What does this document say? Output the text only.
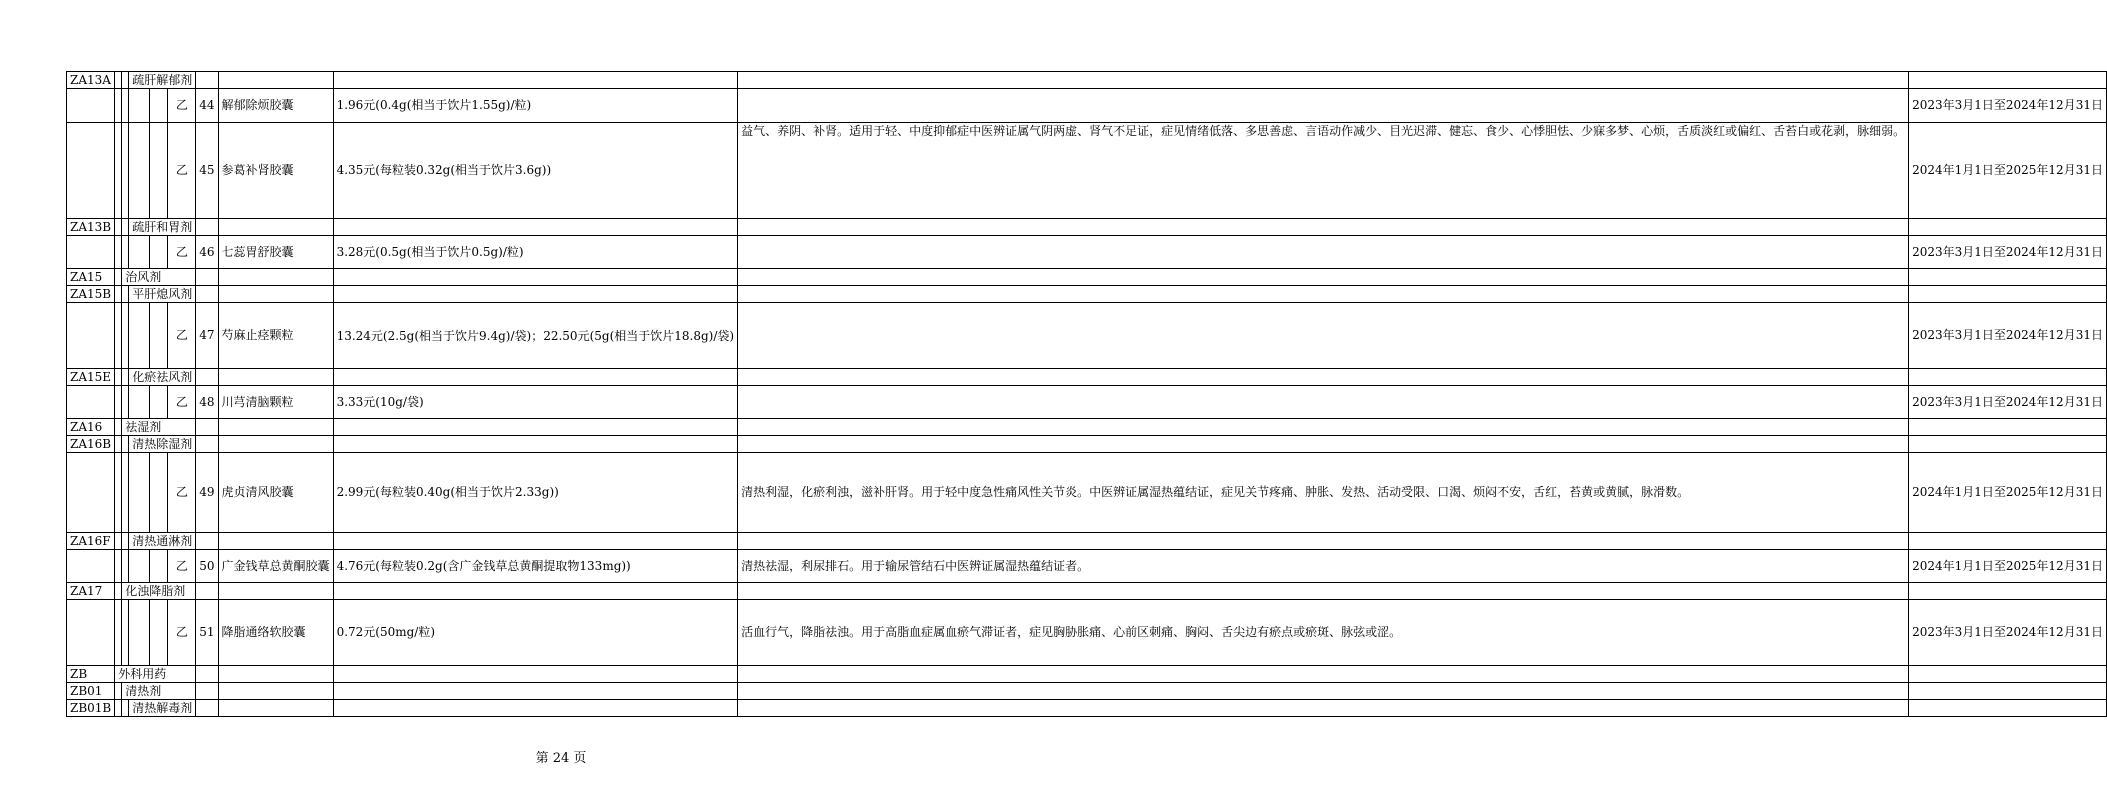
ZA13A			疏肝解郁剂							
					乙	44	解郁除烦胶囊	1.96元(0.4g(相当于饮片1.55g)/粒)		2023年3月1日至2024年12月31日
					乙	45	参葛补肾胶囊	4.35元(每粒装0.32g(相当于饮片3.6g))	益气、养阴、补肾。适用于轻、中度抑郁症中医辨证属气阴两虚、肾气不足证，症见情绪低落、多思善虑、言语动作减少、目光迟滞、健忘、食少、心悸胆怯、少寐多梦、心烦，舌质淡红或偏红、舌苔白或花剥，脉细弱。	2024年1月1日至2025年12月31日
ZA13B			疏肝和胃剂							
					乙	46	七蕊胃舒胶囊	3.28元(0.5g(相当于饮片0.5g)/粒)		2023年3月1日至2024年12月31日
ZA15		治风剂								
ZA15B			平肝熄风剂							
					乙	47	芍麻止痉颗粒	13.24元(2.5g(相当于饮片9.4g)/袋)；22.50元(5g(相当于饮片18.8g)/袋)		2023年3月1日至2024年12月31日
ZA15E			化瘀祛风剂							
					乙	48	川芎清脑颗粒	3.33元(10g/袋)		2023年3月1日至2024年12月31日
ZA16		祛湿剂								
ZA16B			清热除湿剂							
					乙	49	虎贞清风胶囊	2.99元(每粒装0.40g(相当于饮片2.33g))	清热利湿，化瘀利浊，滋补肝肾。用于轻中度急性痛风性关节炎。中医辨证属湿热蕴结证，症见关节疼痛、肿胀、发热、活动受限、口渴、烦闷不安，舌红，苔黄或黄腻，脉滑数。	2024年1月1日至2025年12月31日
ZA16F			清热通淋剂							
					乙	50	广金钱草总黄酮胶囊	4.76元(每粒装0.2g(含广金钱草总黄酮提取物133mg))	清热祛湿，利尿排石。用于输尿管结石中医辨证属湿热蕴结证者。	2024年1月1日至2025年12月31日
ZA17		化浊降脂剂								
					乙	51	降脂通络软胶囊	0.72元(50mg/粒)	活血行气，降脂祛浊。用于高脂血症属血瘀气滞证者，症见胸胁胀痛、心前区刺痛、胸闷、舌尖边有瘀点或瘀斑、脉弦或涩。	2023年3月1日至2024年12月31日
ZB	外科用药									
ZB01		清热剂								
ZB01B			清热解毒剂							
第 24 页
